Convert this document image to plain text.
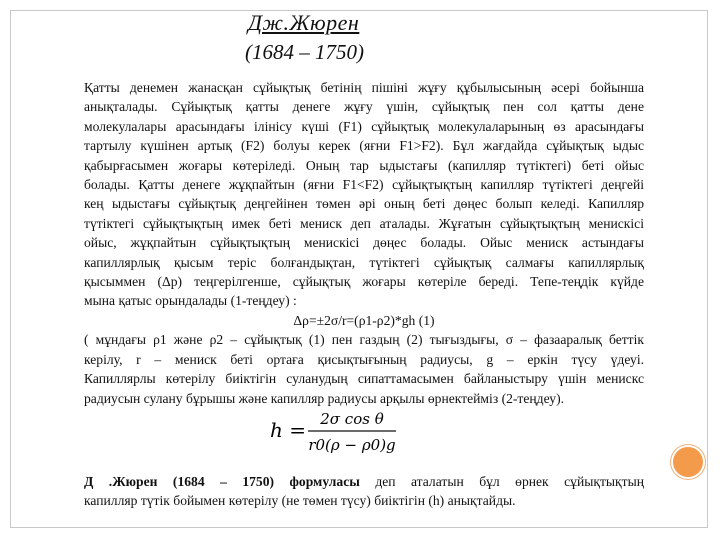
Дж.Жюрен
(1684 – 1750)
Қатты денемен жанасқан сұйықтық бетінің пішіні жұғу құбылысының әсері бойынша
анықталады. Сұйықтық қатты денеге жұғу үшін, сұйықтық пен сол қатты дене
молекулалары арасындағы ілінісу күші (F1) сұйықтық молекулаларының өз арасындағы
тартылу күшінен артық (F2) болуы керек (яғни F1>F2). Бұл жағдайда сұйықтық ыдыс
қабырғасымен жоғары көтеріледі. Оның тар ыдыстағы (капилляр түтіктегі) беті ойыс
болады. Қатты денеге жұқпайтын (яғни F1<F2) сұйықтықтың капилляр түтіктегі деңгейі
кең ыдыстағы сұйықтық деңгейінен төмен әрі оның беті дөңес болып келеді. Капилляр
түтіктегі сұйықтықтың имек беті мениск деп аталады. Жұғатын сұйықтықтың менискісі
ойыс, жұқпайтын сұйықтықтың менискісі дөңес болады. Ойыс мениск астындағы
капиллярлық қысым теріс болғандықтан, түтіктегі сұйықтық салмағы капиллярлық
қысыммен (Δр) теңгерілгенше, сұйықтық жоғары көтеріле береді. Тепе-теңдік күйде
мына қатыс орындалады (1-теңдеу) :
Δρ=±2σ/r=(ρ1-ρ2)*gh (1)
( мұндағы ρ1 және ρ2 – сұйықтық (1) пен газдың (2) тығыздығы, σ – фазааралық беттік
керілу, r – мениск беті ортаға қисықтығының радиусы, g – еркін түсу үдеуі.
Капиллярлы көтерілу биіктігін суланудың сипаттамасымен байланыстыру үшін менискс
радиусын сулану бұрышы және капилляр радиусы арқылы өрнектейміз (2-теңдеу).
h = 2σ cos θ
r0(ρ − ρ0)g
Д .Жюрен (1684 – 1750) формуласы деп аталатын бұл өрнек сұйықтықтың
капилляр түтік бойымен көтерілу (не төмен түсу) биіктігін (h) анықтайды.
